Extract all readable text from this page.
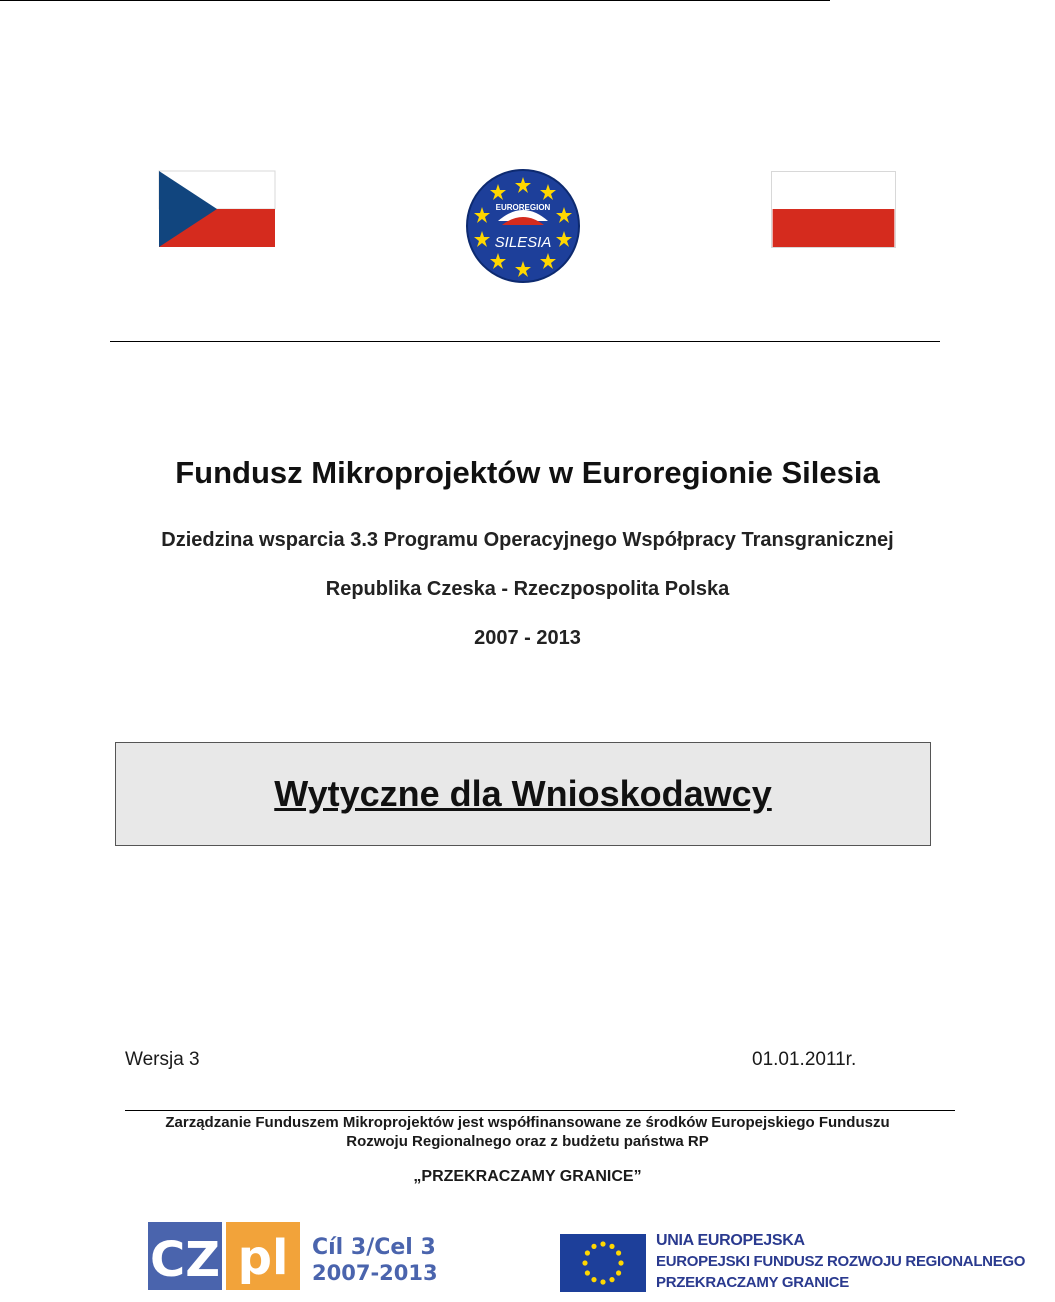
EUROREGION
SILESIA
Fundusz Mikroprojektów w Euroregionie Silesia
Dziedzina wsparcia 3.3 Programu Operacyjnego Współpracy Transgranicznej
Republika Czeska - Rzeczpospolita Polska
2007 - 2013
Wytyczne dla Wnioskodawcy
Wersja 3	01.01.2011r.
Zarządzanie Funduszem Mikroprojektów jest współfinansowane ze środków Europejskiego Funduszu
Rozwoju Regionalnego oraz z budżetu państwa RP
„PRZEKRACZAMY GRANICE”
CZ pl Cíl 3/Cel 3
2007-2013
UNIA EUROPEJSKA
EUROPEJSKI FUNDUSZ ROZWOJU REGIONALNEGO
PRZEKRACZAMY GRANICE
